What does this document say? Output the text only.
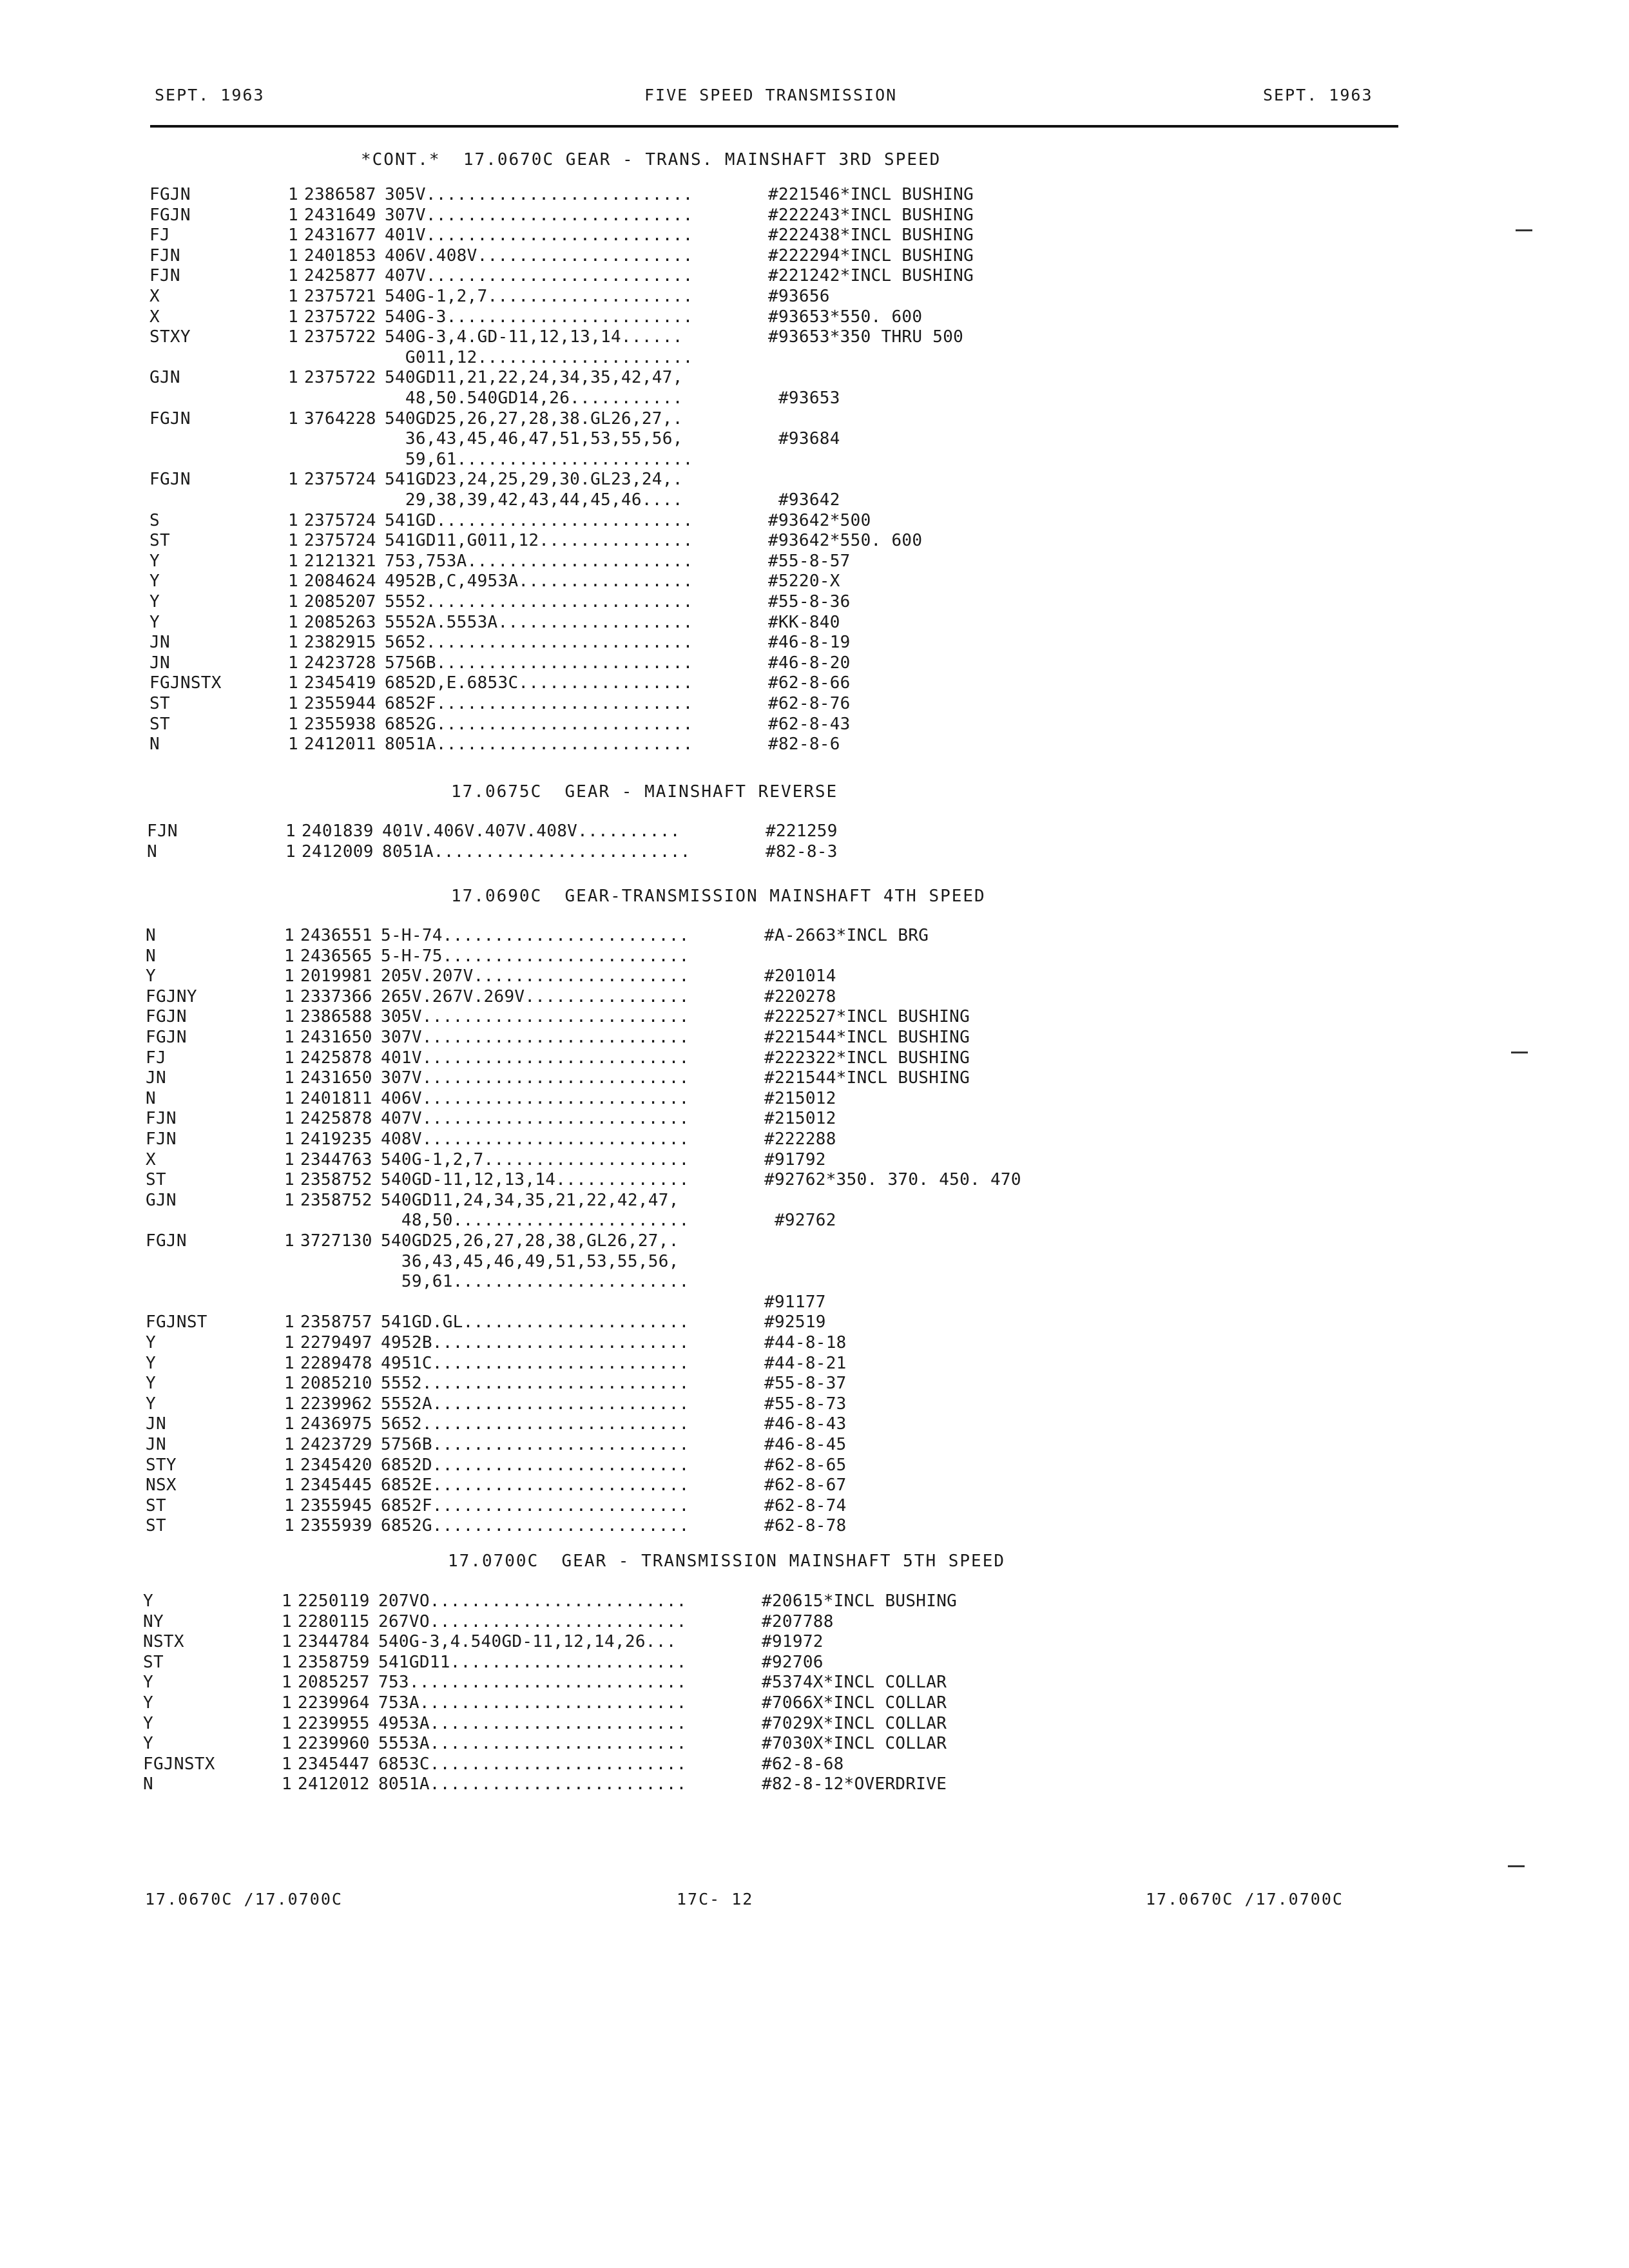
SEPT. 1963	FIVE SPEED TRANSMISSION	SEPT. 1963
*CONT.*  17.0670C GEAR - TRANS. MAINSHAFT 3RD SPEED
FGJN	1 2386587 305V..........................	#221546*INCL BUSHING
FGJN	1 2431649 307V..........................	#222243*INCL BUSHING
FJ	1 2431677 401V..........................	#222438*INCL BUSHING
FJN	1 2401853 406V.408V.....................	#222294*INCL BUSHING
FJN	1 2425877 407V..........................	#221242*INCL BUSHING
X	1 2375721 540G-1,2,7....................	#93656
X	1 2375722 540G-3........................	#93653*550. 600
STXY	1 2375722 540G-3,4.GD-11,12,13,14......	#93653*350 THRU 500
G011,12.....................
GJN	1 2375722 540GD11,21,22,24,34,35,42,47,
48,50.540GD14,26...........	#93653
FGJN	1 3764228 540GD25,26,27,28,38.GL26,27,.
36,43,45,46,47,51,53,55,56,	#93684
59,61.......................
FGJN	1 2375724 541GD23,24,25,29,30.GL23,24,.
29,38,39,42,43,44,45,46....	#93642
S	1 2375724 541GD.........................	#93642*500
ST	1 2375724 541GD11,G011,12...............	#93642*550. 600
Y	1 2121321 753,753A......................	#55-8-57
Y	1 2084624 4952B,C,4953A.................	#5220-X
Y	1 2085207 5552..........................	#55-8-36
Y	1 2085263 5552A.5553A...................	#KK-840
JN	1 2382915 5652..........................	#46-8-19
JN	1 2423728 5756B.........................	#46-8-20
FGJNSTX	1 2345419 6852D,E.6853C.................	#62-8-66
ST	1 2355944 6852F.........................	#62-8-76
ST	1 2355938 6852G.........................	#62-8-43
N	1 2412011 8051A.........................	#82-8-6
17.0675C  GEAR - MAINSHAFT REVERSE
FJN	1 2401839 401V.406V.407V.408V..........	#221259
N	1 2412009 8051A.........................	#82-8-3
17.0690C  GEAR-TRANSMISSION MAINSHAFT 4TH SPEED
N	1 2436551 5-H-74........................	#A-2663*INCL BRG
N	1 2436565 5-H-75........................
Y	1 2019981 205V.207V.....................	#201014
FGJNY	1 2337366 265V.267V.269V................	#220278
FGJN	1 2386588 305V..........................	#222527*INCL BUSHING
FGJN	1 2431650 307V..........................	#221544*INCL BUSHING
FJ	1 2425878 401V..........................	#222322*INCL BUSHING
JN	1 2431650 307V..........................	#221544*INCL BUSHING
N	1 2401811 406V..........................	#215012
FJN	1 2425878 407V..........................	#215012
FJN	1 2419235 408V..........................	#222288
X	1 2344763 540G-1,2,7....................	#91792
ST	1 2358752 540GD-11,12,13,14.............	#92762*350. 370. 450. 470
GJN	1 2358752 540GD11,24,34,35,21,22,42,47,
48,50.......................	#92762
FGJN	1 3727130 540GD25,26,27,28,38,GL26,27,.
36,43,45,46,49,51,53,55,56,
59,61.......................
#91177
FGJNST	1 2358757 541GD.GL......................	#92519
Y	1 2279497 4952B.........................	#44-8-18
Y	1 2289478 4951C.........................	#44-8-21
Y	1 2085210 5552..........................	#55-8-37
Y	1 2239962 5552A.........................	#55-8-73
JN	1 2436975 5652..........................	#46-8-43
JN	1 2423729 5756B.........................	#46-8-45
STY	1 2345420 6852D.........................	#62-8-65
NSX	1 2345445 6852E.........................	#62-8-67
ST	1 2355945 6852F.........................	#62-8-74
ST	1 2355939 6852G.........................	#62-8-78
17.0700C  GEAR - TRANSMISSION MAINSHAFT 5TH SPEED
Y	1 2250119 207VO.........................	#20615*INCL BUSHING
NY	1 2280115 267VO.........................	#207788
NSTX	1 2344784 540G-3,4.540GD-11,12,14,26...	#91972
ST	1 2358759 541GD11.......................	#92706
Y	1 2085257 753...........................	#5374X*INCL COLLAR
Y	1 2239964 753A..........................	#7066X*INCL COLLAR
Y	1 2239955 4953A.........................	#7029X*INCL COLLAR
Y	1 2239960 5553A.........................	#7030X*INCL COLLAR
FGJNSTX	1 2345447 6853C.........................	#62-8-68
N	1 2412012 8051A.........................	#82-8-12*OVERDRIVE
17.0670C /17.0700C	17C- 12	17.0670C /17.0700C
